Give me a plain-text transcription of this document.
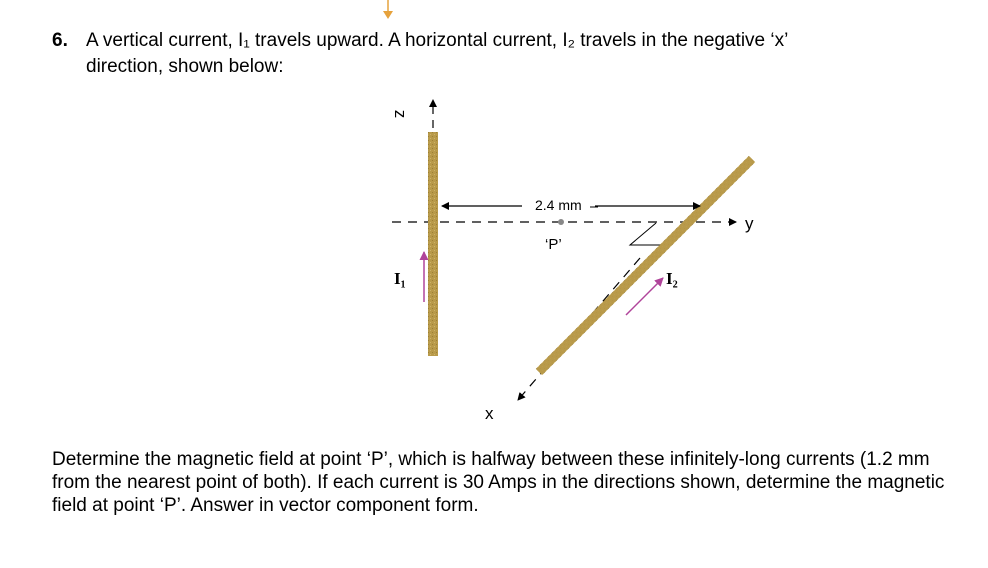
6. A vertical current, I₁ travels upward. A horizontal current, I₂ travels in the negative ‘x’
direction, shown below:
z
y
x
2.4 mm
‘P’
I₁	I₂
Determine the magnetic field at point ‘P’, which is halfway between these infinitely-long currents (1.2 mm from the nearest point of both). If each current is 30 Amps in the directions shown, determine the magnetic field at point ‘P’. Answer in vector component form.
